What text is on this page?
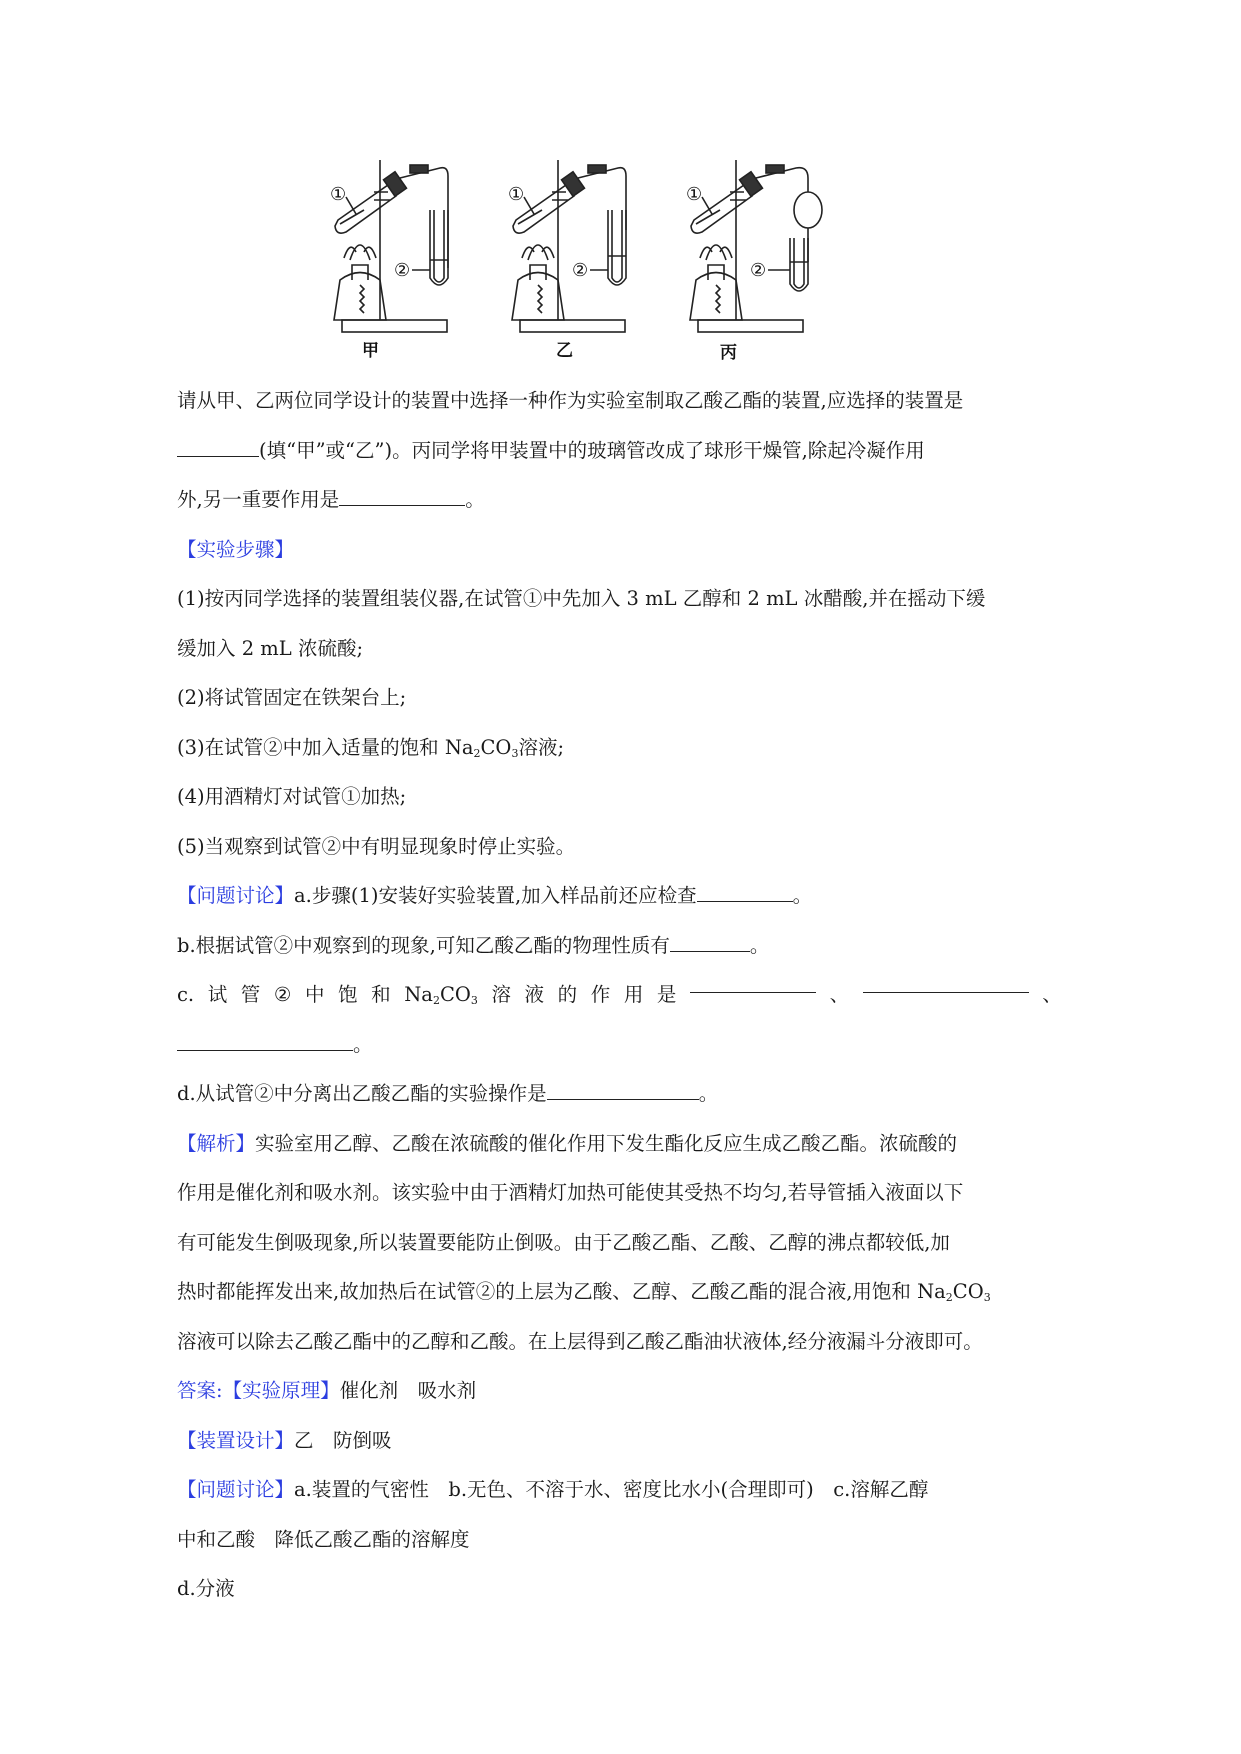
①	①	①
②	②	②
甲	乙	丙
请从甲、乙两位同学设计的装置中选择一种作为实验室制取乙酸乙酯的装置,应选择的装置是
(填“甲”或“乙”)。丙同学将甲装置中的玻璃管改成了球形干燥管,除起冷凝作用
外,另一重要作用是	。
【实验步骤】
(1)按丙同学选择的装置组装仪器,在试管①中先加入 3 mL 乙醇和 2 mL 冰醋酸,并在摇动下缓
缓加入 2 mL 浓硫酸;
(2)将试管固定在铁架台上;
(3)在试管②中加入适量的饱和 $Na_2CO_3$溶液;
(4)用酒精灯对试管①加热;
(5)当观察到试管②中有明显现象时停止实验。
【问题讨论】a.步骤(1)安装好实验装置,加入样品前还应检查	。
b.根据试管②中观察到的现象,可知乙酸乙酯的物理性质有	。
c. 试 管 ② 中 饱 和 $Na_2CO_3$ 溶 液 的 作 用 是	、	、
。
d.从试管②中分离出乙酸乙酯的实验操作是	。
【解析】实验室用乙醇、乙酸在浓硫酸的催化作用下发生酯化反应生成乙酸乙酯。浓硫酸的
作用是催化剂和吸水剂。该实验中由于酒精灯加热可能使其受热不均匀,若导管插入液面以下
有可能发生倒吸现象,所以装置要能防止倒吸。由于乙酸乙酯、乙酸、乙醇的沸点都较低,加
热时都能挥发出来,故加热后在试管②的上层为乙酸、乙醇、乙酸乙酯的混合液,用饱和 $Na_2CO_3$
溶液可以除去乙酸乙酯中的乙醇和乙酸。在上层得到乙酸乙酯油状液体,经分液漏斗分液即可。
答案:【实验原理】催化剂　吸水剂
【装置设计】乙　防倒吸
【问题讨论】a.装置的气密性　b.无色、不溶于水、密度比水小(合理即可)　c.溶解乙醇
中和乙酸　降低乙酸乙酯的溶解度
d.分液
